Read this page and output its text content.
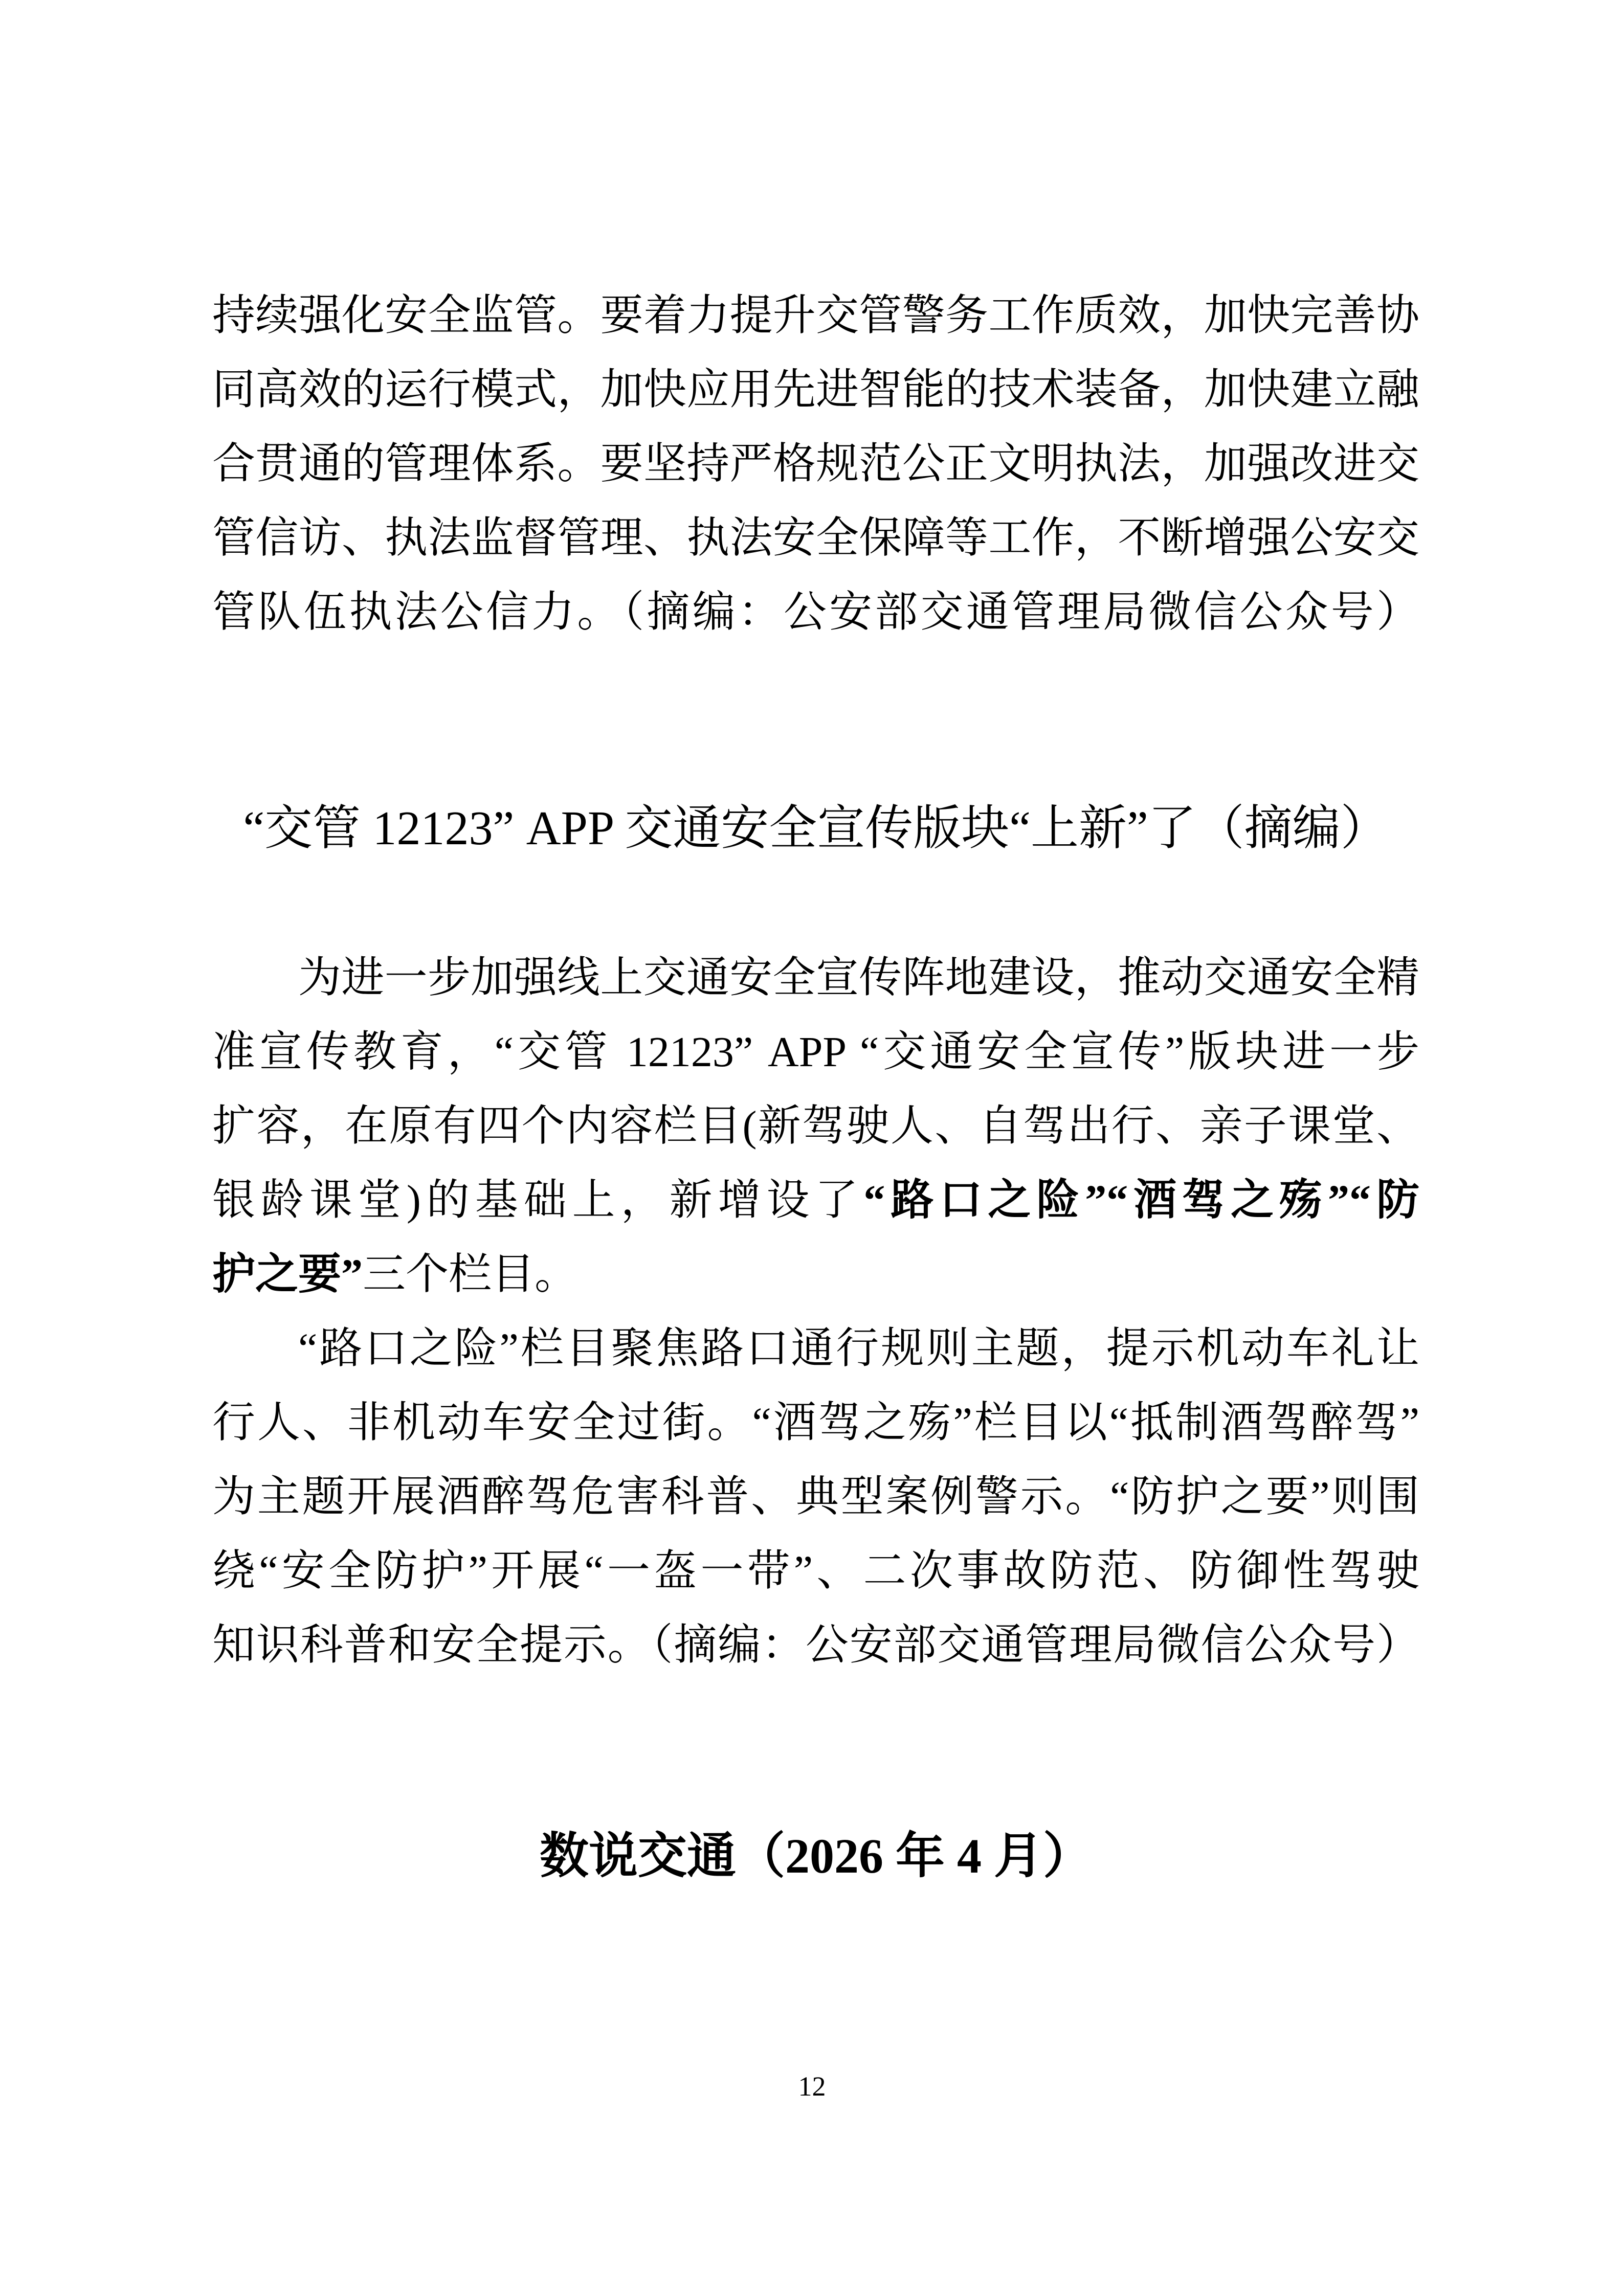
持续强化安全监管。要着力提升交管警务工作质效，加快完善协
同高效的运行模式，加快应用先进智能的技术装备，加快建立融
合贯通的管理体系。要坚持严格规范公正文明执法，加强改进交
管信访、执法监督管理、执法安全保障等工作，不断增强公安交
管队伍执法公信力。（摘编：公安部交通管理局微信公众号）
“交管 12123” APP 交通安全宣传版块“上新”了（摘编）
为进一步加强线上交通安全宣传阵地建设，推动交通安全精
准宣传教育，“交管 12123” APP “交通安全宣传”版块进一步
扩容，在原有四个内容栏目(新驾驶人、自驾出行、亲子课堂、
银龄课堂)的基础上，新增设了“路口之险”“酒驾之殇”“防
护之要”三个栏目。
“路口之险”栏目聚焦路口通行规则主题，提示机动车礼让
行人、非机动车安全过街。“酒驾之殇”栏目以“抵制酒驾醉驾”
为主题开展酒醉驾危害科普、典型案例警示。“防护之要”则围
绕“安全防护”开展“一盔一带”、二次事故防范、防御性驾驶
知识科普和安全提示。（摘编：公安部交通管理局微信公众号）
数说交通（2026 年 4 月）
12
